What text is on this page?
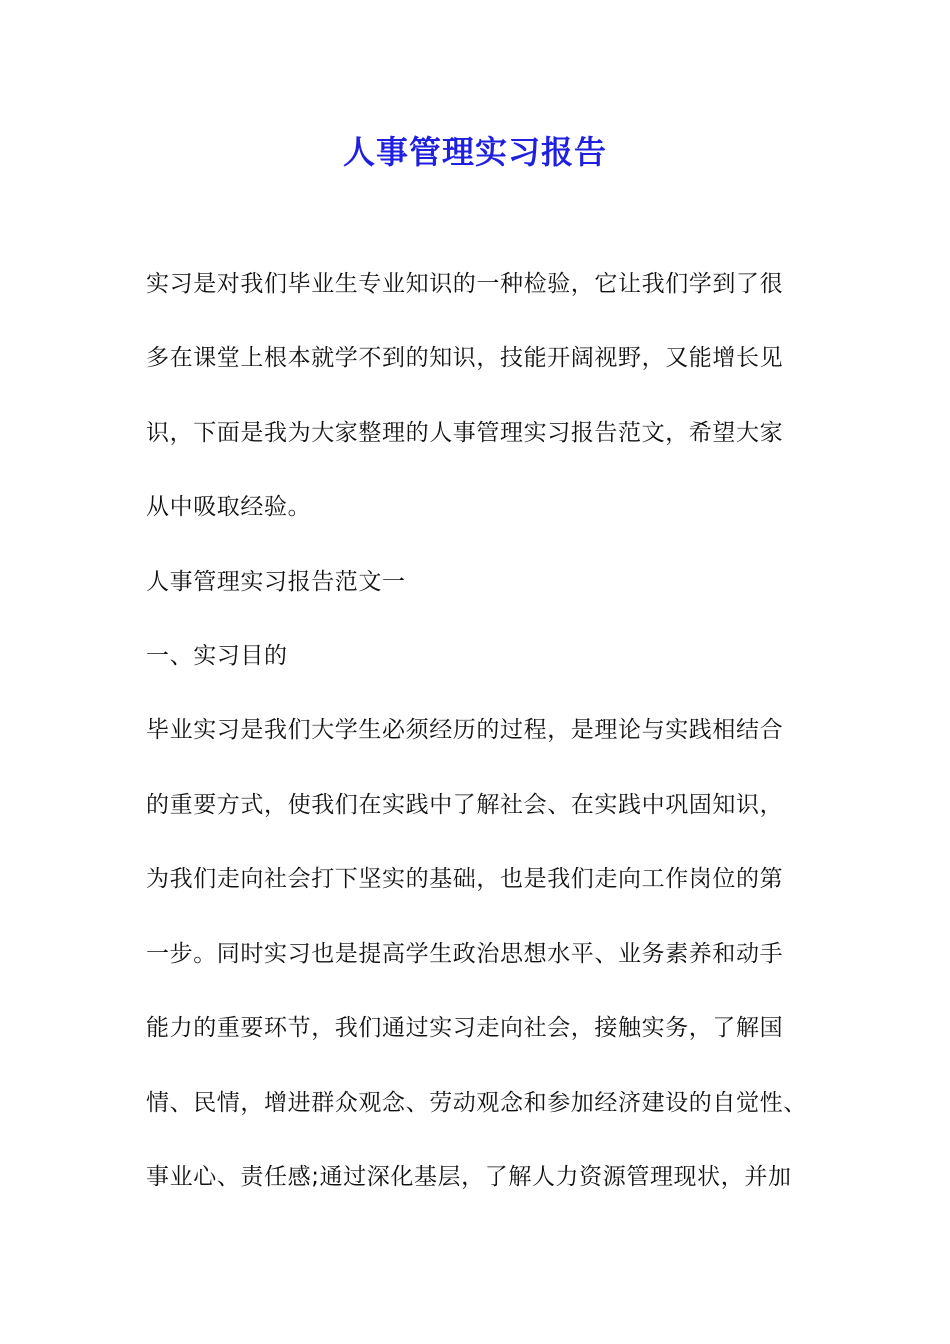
人事管理实习报告
实习是对我们毕业生专业知识的一种检验，它让我们学到了很
多在课堂上根本就学不到的知识，技能开阔视野，又能增长见
识，下面是我为大家整理的人事管理实习报告范文，希望大家
从中吸取经验。
人事管理实习报告范文一
一、实习目的
毕业实习是我们大学生必须经历的过程，是理论与实践相结合
的重要方式，使我们在实践中了解社会、在实践中巩固知识，
为我们走向社会打下坚实的基础，也是我们走向工作岗位的第
一步。同时实习也是提高学生政治思想水平、业务素养和动手
能力的重要环节，我们通过实习走向社会，接触实务，了解国
情、民情，增进群众观念、劳动观念和参加经济建设的自觉性、
事业心、责任感;通过深化基层，了解人力资源管理现状，并加
